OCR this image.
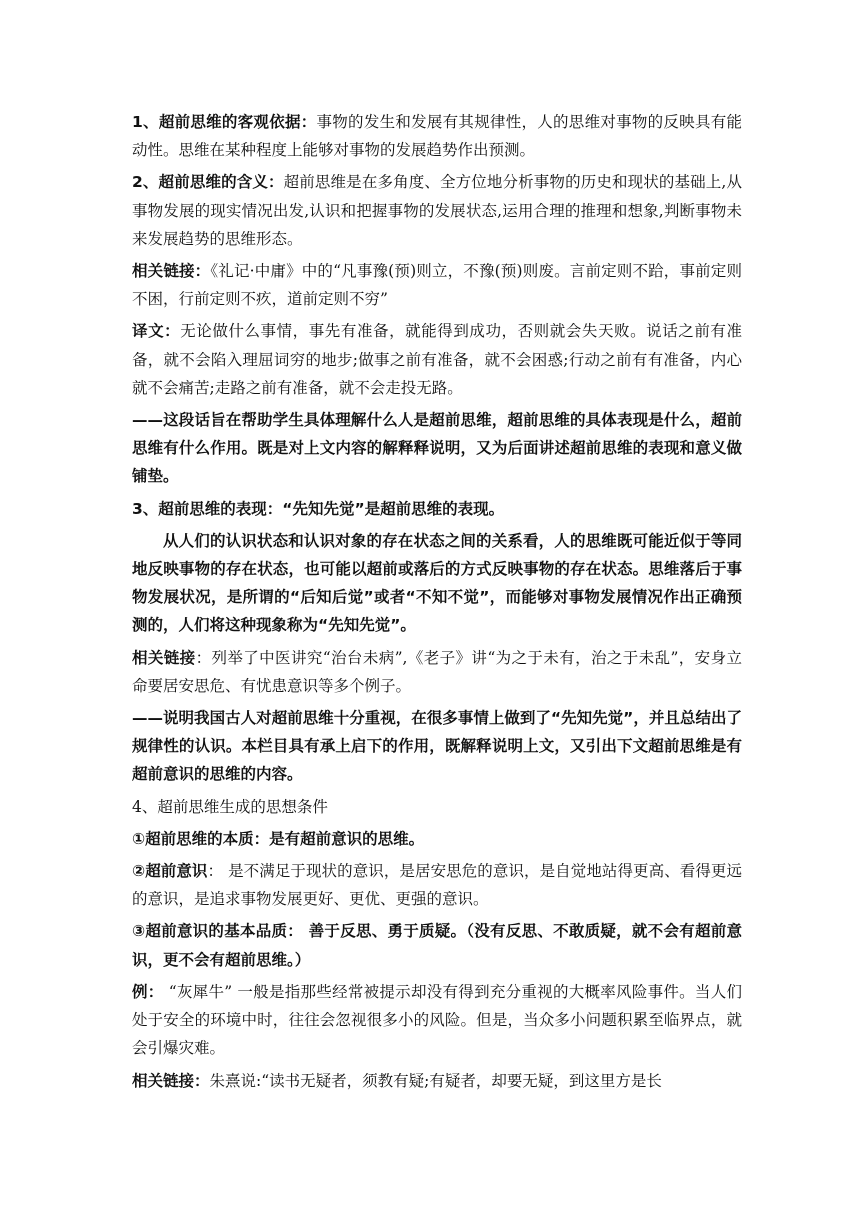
1、超前思维的客观依据：事物的发生和发展有其规律性，人的思维对事物的反映具有能动性。思维在某种程度上能够对事物的发展趋势作出预测。

2、超前思维的含义：超前思维是在多角度、全方位地分析事物的历史和现状的基础上,从事物发展的现实情况出发,认识和把握事物的发展状态,运用合理的推理和想象,判断事物未来发展趋势的思维形态。

相关链接：《礼记·中庸》中的“凡事豫(预)则立，不豫(预)则废。言前定则不跲，事前定则不困，行前定则不疚，道前定则不穷”

译文：无论做什么事情，事先有准备，就能得到成功，否则就会失天败。说话之前有准备，就不会陷入理屈词穷的地步;做事之前有准备，就不会困惑;行动之前有有准备，内心就不会痛苦;走路之前有准备，就不会走投无路。

——这段话旨在帮助学生具体理解什么人是超前思维，超前思维的具体表现是什么，超前思维有什么作用。既是对上文内容的解释释说明，又为后面讲述超前思维的表现和意义做铺垫。

3、超前思维的表现：“先知先觉”是超前思维的表现。

从人们的认识状态和认识对象的存在状态之间的关系看，人的思维既可能近似于等同地反映事物的存在状态，也可能以超前或落后的方式反映事物的存在状态。思维落后于事物发展状况，是所谓的“后知后觉”或者“不知不觉”，而能够对事物发展情况作出正确预测的，人们将这种现象称为“先知先觉”。

相关链接：列举了中医讲究“治台未病”,《老子》讲“为之于未有，治之于未乱”，安身立命要居安思危、有忧患意识等多个例子。

——说明我国古人对超前思维十分重视，在很多事情上做到了“先知先觉”，并且总结出了规律性的认识。本栏目具有承上启下的作用，既解释说明上文，又引出下文超前思维是有超前意识的思维的内容。

4、超前思维生成的思想条件

①超前思维的本质：是有超前意识的思维。

②超前意识： 是不满足于现状的意识，是居安思危的意识，是自觉地站得更高、看得更远的意识，是追求事物发展更好、更优、更强的意识。

③超前意识的基本品质： 善于反思、勇于质疑。（没有反思、不敢质疑，就不会有超前意识，更不会有超前思维。）

例： “灰犀牛” 一般是指那些经常被提示却没有得到充分重视的大概率风险事件。当人们处于安全的环境中时，往往会忽视很多小的风险。但是，当众多小问题积累至临界点，就会引爆灾难。

相关链接：朱熹说:“读书无疑者，须教有疑;有疑者，却要无疑，到这里方是长
